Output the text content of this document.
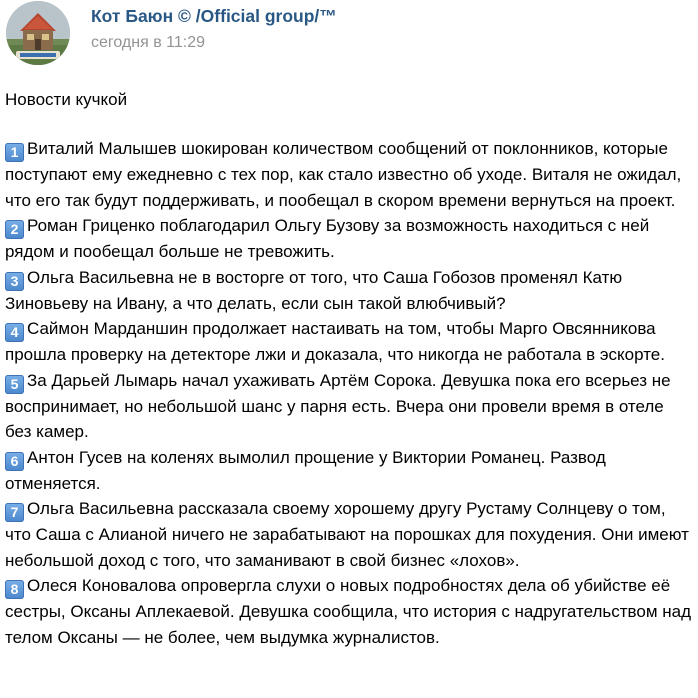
Кот Баюн © /Official group/™
сегодня в 11:29
Новости кучкой
1 Виталий Малышев шокирован количеством сообщений от поклонников, которые поступают ему ежедневно с тех пор, как стало известно об уходе. Виталя не ожидал, что его так будут поддерживать, и пообещал в скором времени вернуться на проект.
2 Роман Гриценко поблагодарил Ольгу Бузову за возможность находиться с ней рядом и пообещал больше не тревожить.
3 Ольга Васильевна не в восторге от того, что Саша Гобозов променял Катю Зиновьеву на Ивану, а что делать, если сын такой влюбчивый?
4 Саймон Марданшин продолжает настаивать на том, чтобы Марго Овсянникова прошла проверку на детекторе лжи и доказала, что никогда не работала в эскорте.
5 За Дарьей Лымарь начал ухаживать Артём Сорока. Девушка пока его всерьез не воспринимает, но небольшой шанс у парня есть. Вчера они провели время в отеле без камер.
6 Антон Гусев на коленях вымолил прощение у Виктории Романец. Развод отменяется.
7 Ольга Васильевна рассказала своему хорошему другу Рустаму Солнцеву о том, что Саша с Алианой ничего не зарабатывают на порошках для похудения. Они имеют небольшой доход с того, что заманивают в свой бизнес «лохов».
8 Олеся Коновалова опровергла слухи о новых подробностях дела об убийстве её сестры, Оксаны Аплекаевой. Девушка сообщила, что история с надругательством над телом Оксаны — не более, чем выдумка журналистов.
